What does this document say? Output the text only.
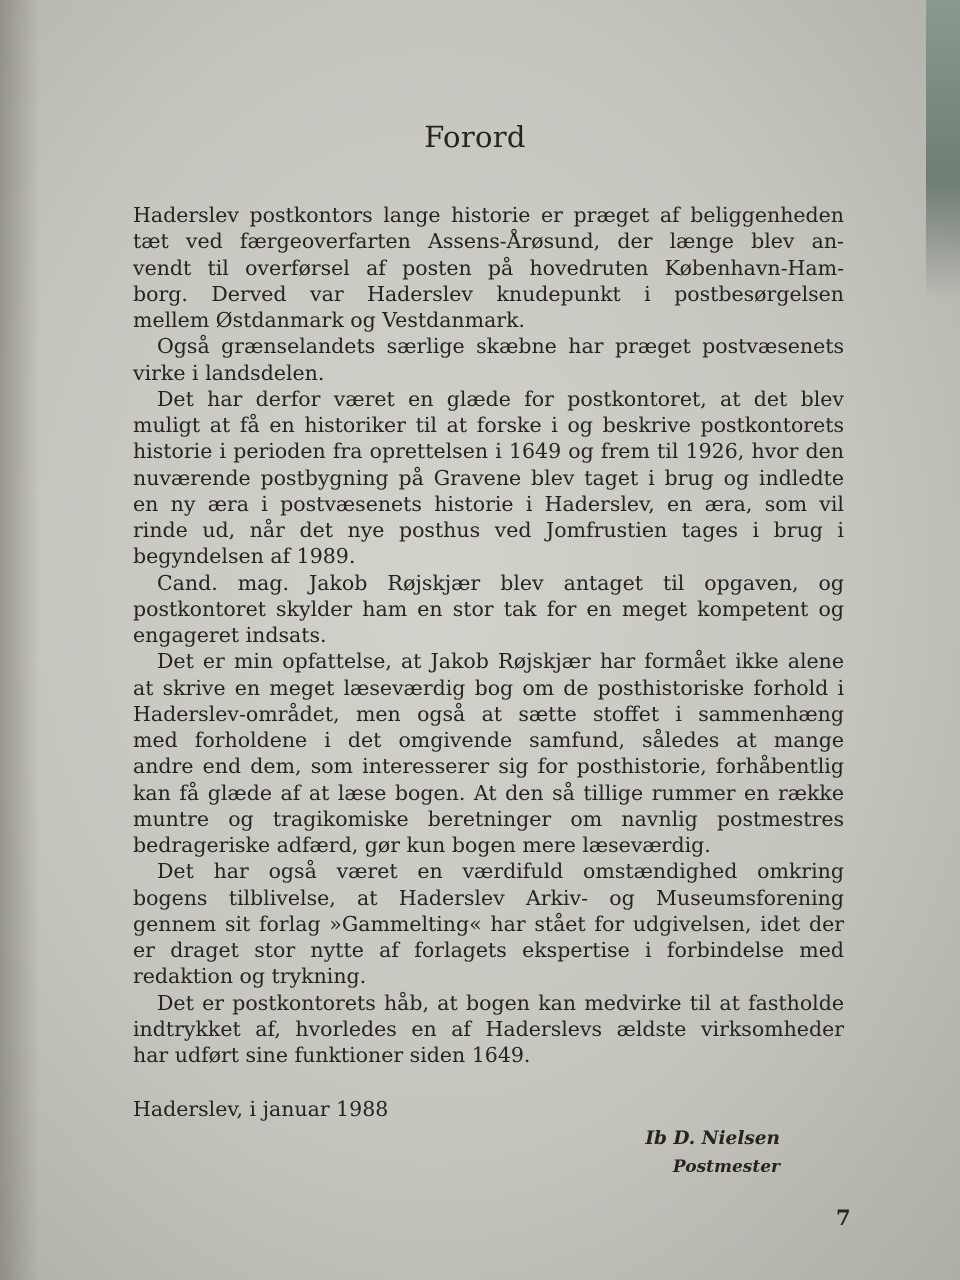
Forord
Haderslev postkontors lange historie er præget af beliggenheden
tæt ved færgeoverfarten Assens-Årøsund, der længe blev an-
vendt til overførsel af posten på hovedruten København-Ham-
borg. Derved var Haderslev knudepunkt i postbesørgelsen
mellem Østdanmark og Vestdanmark.
Også grænselandets særlige skæbne har præget postvæsenets
virke i landsdelen.
Det har derfor været en glæde for postkontoret, at det blev
muligt at få en historiker til at forske i og beskrive postkontorets
historie i perioden fra oprettelsen i 1649 og frem til 1926, hvor den
nuværende postbygning på Gravene blev taget i brug og indledte
en ny æra i postvæsenets historie i Haderslev, en æra, som vil
rinde ud, når det nye posthus ved Jomfrustien tages i brug i
begyndelsen af 1989.
Cand. mag. Jakob Røjskjær blev antaget til opgaven, og
postkontoret skylder ham en stor tak for en meget kompetent og
engageret indsats.
Det er min opfattelse, at Jakob Røjskjær har formået ikke alene
at skrive en meget læseværdig bog om de posthistoriske forhold i
Haderslev-området, men også at sætte stoffet i sammenhæng
med forholdene i det omgivende samfund, således at mange
andre end dem, som interesserer sig for posthistorie, forhåbentlig
kan få glæde af at læse bogen. At den så tillige rummer en række
muntre og tragikomiske beretninger om navnlig postmestres
bedrageriske adfærd, gør kun bogen mere læseværdig.
Det har også været en værdifuld omstændighed omkring
bogens tilblivelse, at Haderslev Arkiv- og Museumsforening
gennem sit forlag »Gammelting« har stået for udgivelsen, idet der
er draget stor nytte af forlagets ekspertise i forbindelse med
redaktion og trykning.
Det er postkontorets håb, at bogen kan medvirke til at fastholde
indtrykket af, hvorledes en af Haderslevs ældste virksomheder
har udført sine funktioner siden 1649.
Haderslev, i januar 1988
Ib D. Nielsen
Postmester
7
